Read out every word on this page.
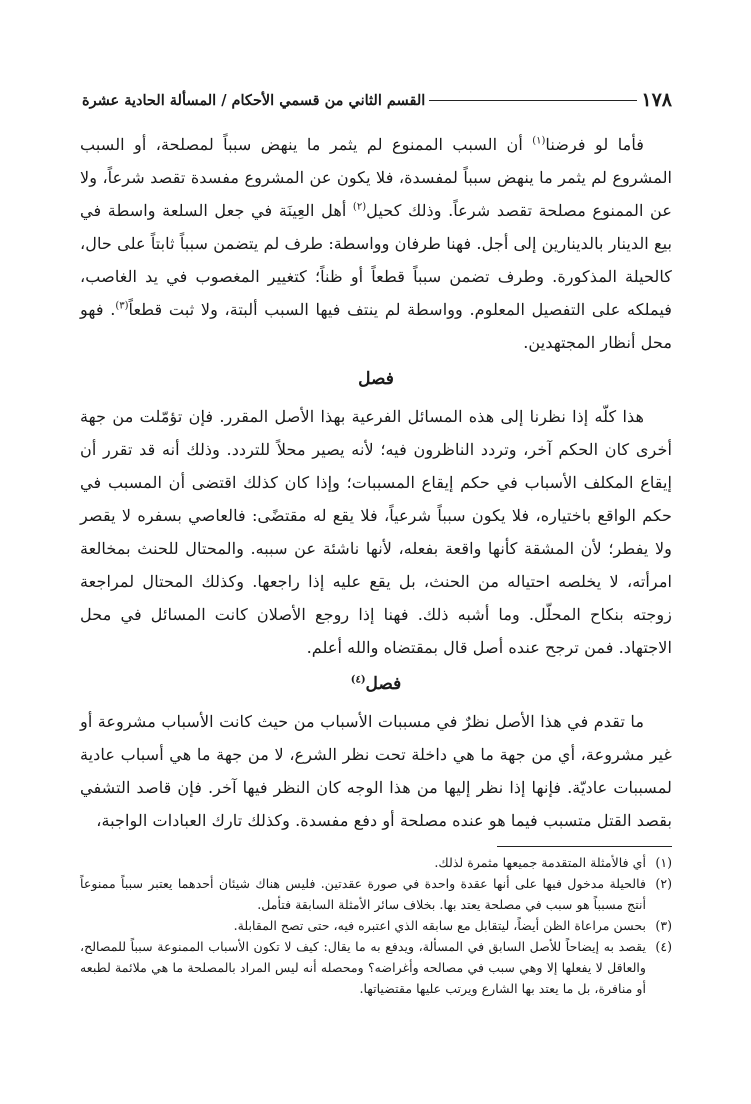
١٧٨
القسم الثاني من قسمي الأحكام / المسألة الحادية عشرة

فأما لو فرضنا$^{(١)}$ أن السبب الممنوع لم يثمر ما ينهض سبباً لمصلحة، أو السبب المشروع لم يثمر ما ينهض سبباً لمفسدة، فلا يكون عن المشروع مفسدة تقصد شرعاً، ولا عن الممنوع مصلحة تقصد شرعاً. وذلك كحيل$^{(٢)}$ أهل العِينَة في جعل السلعة واسطة في بيع الدينار بالدينارين إلى أجل. فهنا طرفان وواسطة: طرف لم يتضمن سبباً ثابتاً على حال، كالحيلة المذكورة. وطرف تضمن سبباً قطعاً أو ظناً؛ كتغيير المغصوب في يد الغاصب، فيملكه على التفصيل المعلوم. وواسطة لم ينتف فيها السبب ألبتة، ولا ثبت قطعاً$^{(٣)}$. فهو محل أنظار المجتهدين.

فصل

هذا كلّه إذا نظرنا إلى هذه المسائل الفرعية بهذا الأصل المقرر. فإن تؤمّلت من جهة أخرى كان الحكم آخر، وتردد الناظرون فيه؛ لأنه يصير محلاً للتردد. وذلك أنه قد تقرر أن إيقاع المكلف الأسباب في حكم إيقاع المسببات؛ وإذا كان كذلك اقتضى أن المسبب في حكم الواقع باختياره، فلا يكون سبباً شرعياً، فلا يقع له مقتضًى: فالعاصي بسفره لا يقصر ولا يفطر؛ لأن المشقة كأنها واقعة بفعله، لأنها ناشئة عن سببه. والمحتال للحنث بمخالعة امرأته، لا يخلصه احتياله من الحنث، بل يقع عليه إذا راجعها. وكذلك المحتال لمراجعة زوجته بنكاح المحلّل. وما أشبه ذلك. فهنا إذا روجع الأصلان كانت المسائل في محل الاجتهاد. فمن ترجح عنده أصل قال بمقتضاه والله أعلم.

فصل$^{(٤)}$

ما تقدم في هذا الأصل نظرٌ في مسببات الأسباب من حيث كانت الأسباب مشروعة أو غير مشروعة، أي من جهة ما هي داخلة تحت نظر الشرع، لا من جهة ما هي أسباب عادية لمسببات عاديّة. فإنها إذا نظر إليها من هذا الوجه كان النظر فيها آخر. فإن قاصد التشفي بقصد القتل متسبب فيما هو عنده مصلحة أو دفع مفسدة. وكذلك تارك العبادات الواجبة،

(١)أي فالأمثلة المتقدمة جميعها مثمرة لذلك.

(٢)فالحيلة مدخول فيها على أنها عقدة واحدة في صورة عقدتين. فليس هناك شيئان أحدهما يعتبر سبباً ممنوعاً أنتج مسبباً هو سبب في مصلحة يعتد بها. بخلاف سائر الأمثلة السابقة فتأمل.

(٣)بحسن مراعاة الظن أيضاً، ليتقابل مع سابقه الذي اعتبره فيه، حتى تصح المقابلة.

(٤)يقصد به إيضاحاً للأصل السابق في المسألة، ويدفع به ما يقال: كيف لا تكون الأسباب الممنوعة سبباً للمصالح، والعاقل لا يفعلها إلا وهي سبب في مصالحه وأغراضه؟ ومحصله أنه ليس المراد بالمصلحة ما هي ملائمة لطبعه أو منافرة، بل ما يعتد بها الشارع ويرتب عليها مقتضياتها.
